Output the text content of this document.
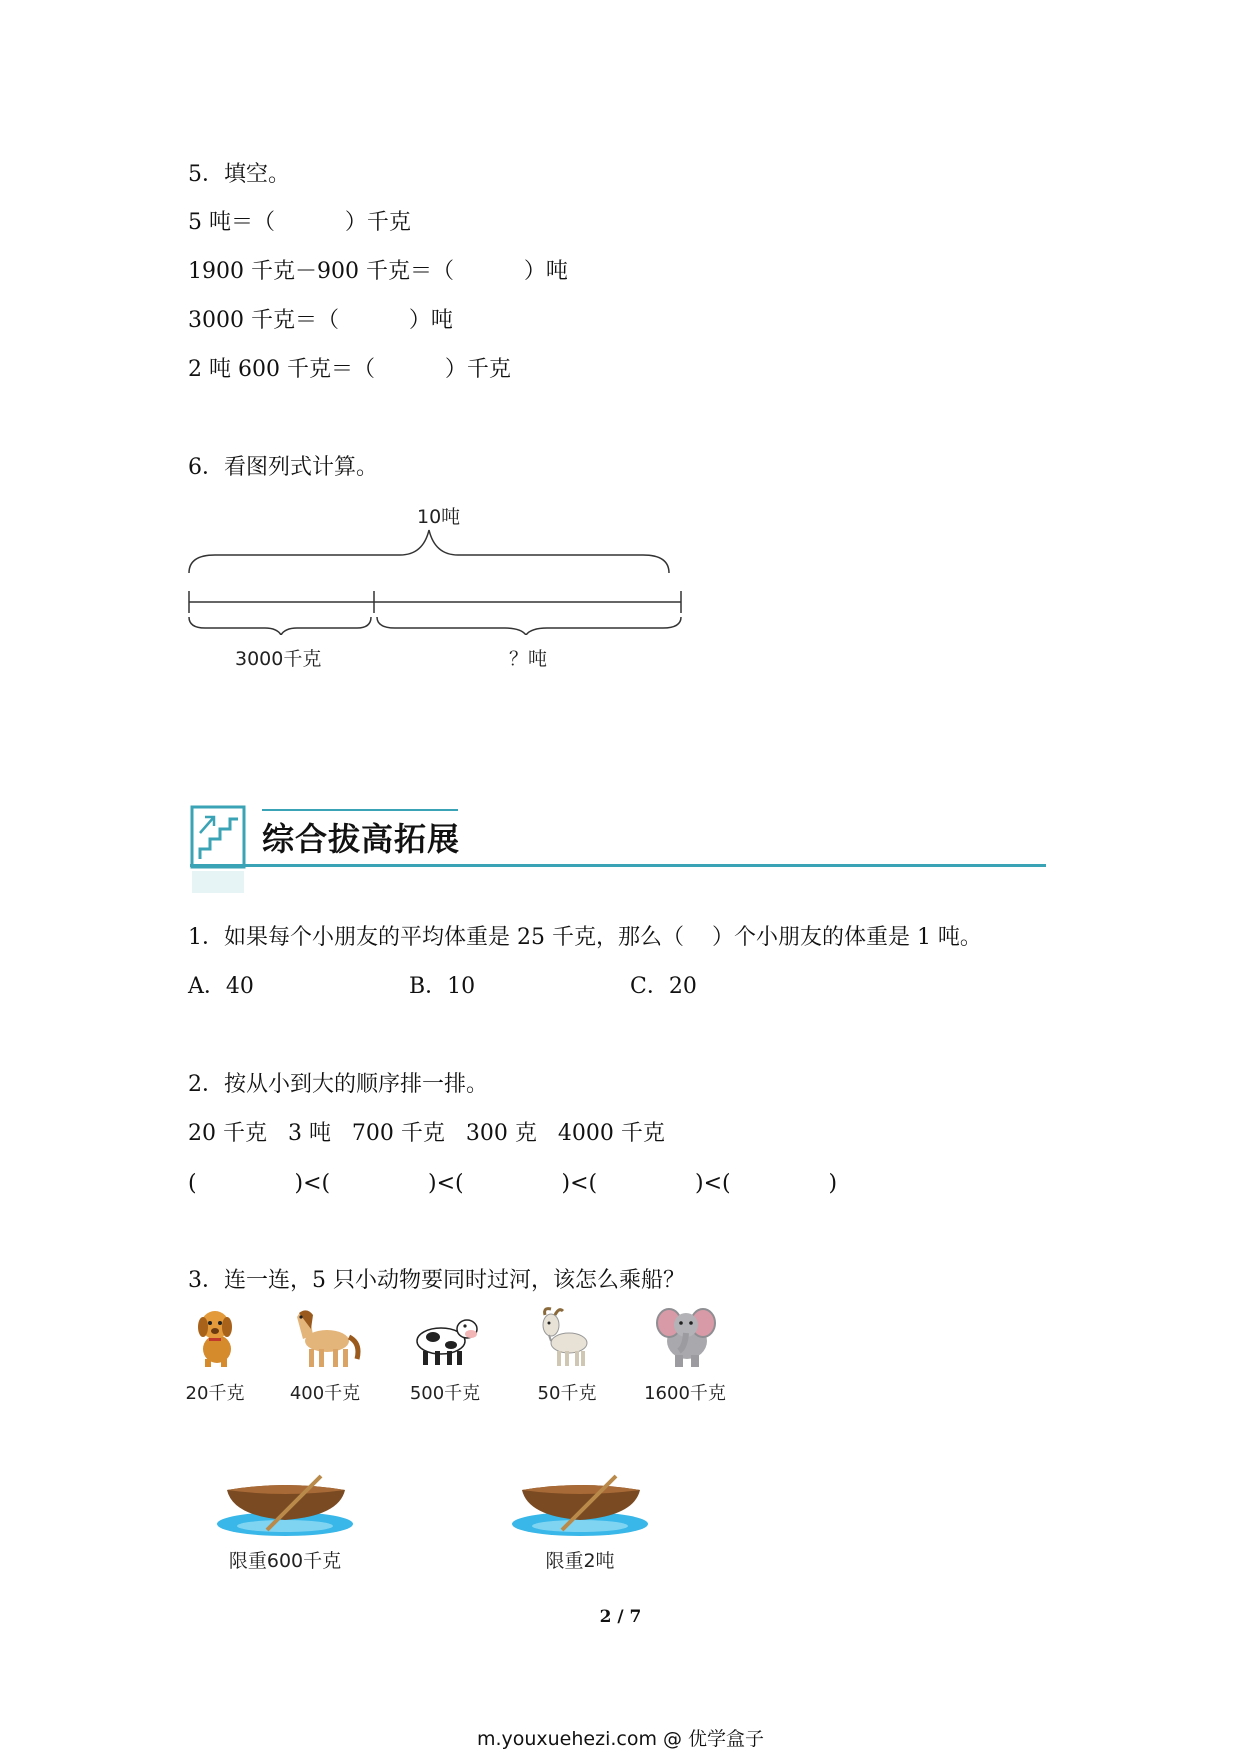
5．填空。
5 吨＝（          ）千克
1900 千克－900 千克＝（          ）吨
3000 千克＝（          ）吨
2 吨 600 千克＝（          ）千克
6．看图列式计算。
10吨
3000千克	？吨
综合拔高拓展
1．如果每个小朋友的平均体重是 25 千克，那么（    ）个小朋友的体重是 1 吨。
A．40	B．10	C．20
2．按从小到大的顺序排一排。
20 千克   3 吨   700 千克   300 克   4000 千克
(              )<(              )<(              )<(              )<(              )
3．连一连，5 只小动物要同时过河，该怎么乘船？
20千克	400千克	500千克	50千克	1600千克
限重600千克	限重2吨
2 / 7
m.youxuehezi.com @ 优学盒子
